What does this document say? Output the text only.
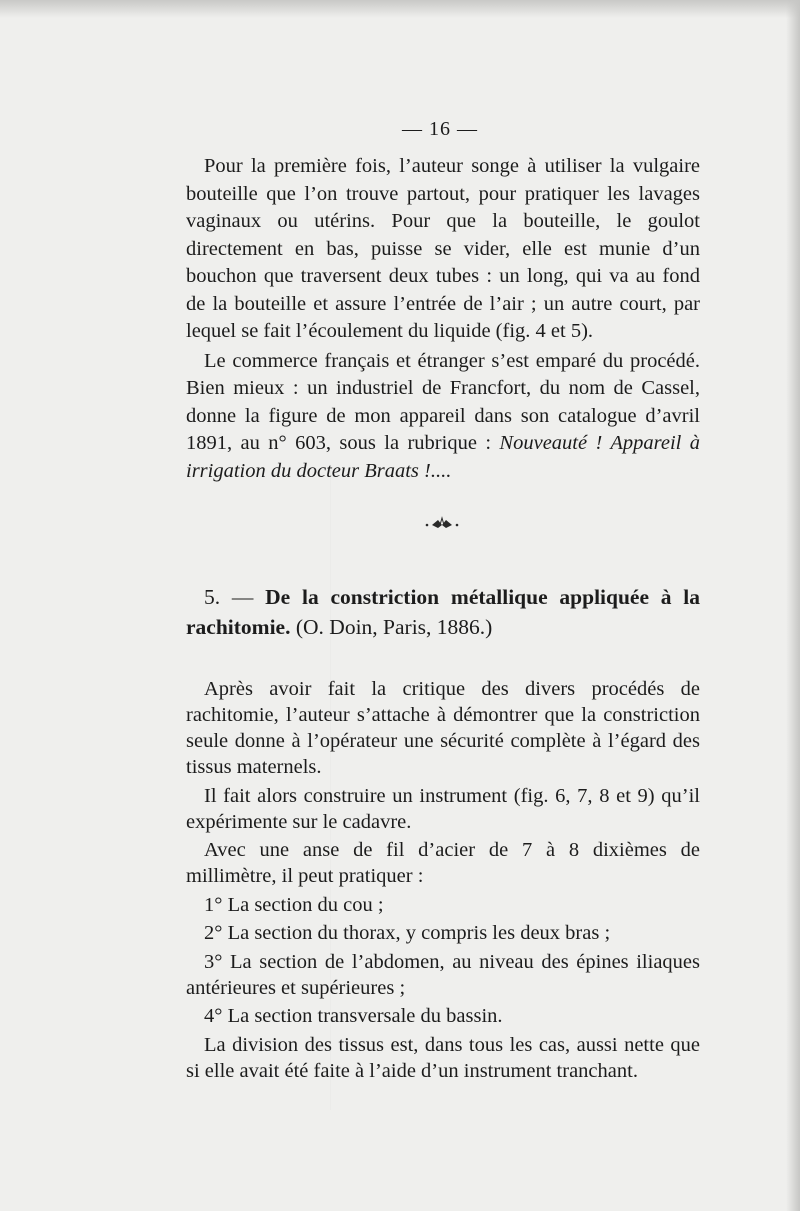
— 16 —

Pour la première fois, l’auteur songe à utiliser la vulgaire bouteille que l’on trouve partout, pour pratiquer les lavages vaginaux ou utérins. Pour que la bouteille, le goulot directement en bas, puisse se vider, elle est munie d’un bouchon que traversent deux tubes : un long, qui va au fond de la bouteille et assure l’entrée de l’air ; un autre court, par lequel se fait l’écoulement du liquide (fig. 4 et 5).

Le commerce français et étranger s’est emparé du procédé. Bien mieux : un industriel de Francfort, du nom de Cassel, donne la figure de mon appareil dans son catalogue d’avril 1891, au n° 603, sous la rubrique : Nouveauté ! Appareil à irrigation du docteur Braats !....

5. — De la constriction métallique appliquée à la rachitomie. (O. Doin, Paris, 1886.)

Après avoir fait la critique des divers procédés de rachitomie, l’auteur s’attache à démontrer que la constriction seule donne à l’opérateur une sécurité complète à l’égard des tissus maternels.

Il fait alors construire un instrument (fig. 6, 7, 8 et 9) qu’il expérimente sur le cadavre.

Avec une anse de fil d’acier de 7 à 8 dixièmes de millimètre, il peut pratiquer :

1° La section du cou ;

2° La section du thorax, y compris les deux bras ;

3° La section de l’abdomen, au niveau des épines iliaques antérieures et supérieures ;

4° La section transversale du bassin.

La division des tissus est, dans tous les cas, aussi nette que si elle avait été faite à l’aide d’un instrument tranchant.
